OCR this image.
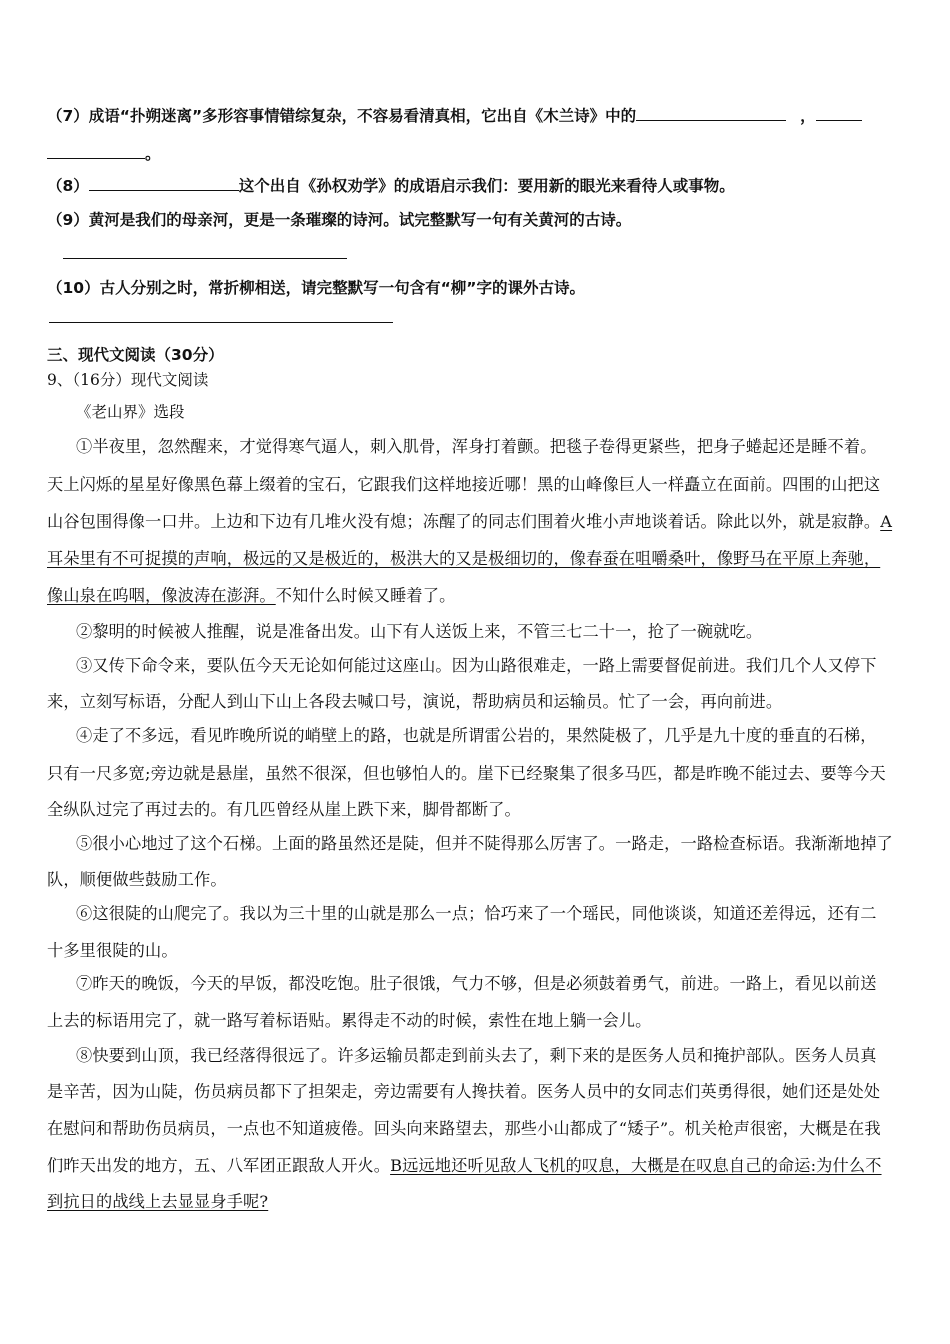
（7）成语“扑朔迷离”多形容事情错综复杂，不容易看清真相，它出自《木兰诗》中的	，
。
（8）	这个出自《孙权劝学》的成语启示我们：要用新的眼光来看待人或事物。
（9）黄河是我们的母亲河，更是一条璀璨的诗河。试完整默写一句有关黄河的古诗。
（10）古人分别之时，常折柳相送，请完整默写一句含有“柳”字的课外古诗。
三、现代文阅读（30分）
9、（16分）现代文阅读
《老山界》选段
①半夜里，忽然醒来，才觉得寒气逼人，刺入肌骨，浑身打着颤。把毯子卷得更紧些，把身子蜷起还是睡不着。
天上闪烁的星星好像黑色幕上缀着的宝石，它跟我们这样地接近哪！黑的山峰像巨人一样矗立在面前。四围的山把这
山谷包围得像一口井。上边和下边有几堆火没有熄；冻醒了的同志们围着火堆小声地谈着话。除此以外，就是寂静。A
耳朵里有不可捉摸的声响，极远的又是极近的，极洪大的又是极细切的，像春蚕在咀嚼桑叶，像野马在平原上奔驰，
像山泉在呜咽，像波涛在澎湃。不知什么时候又睡着了。
②黎明的时候被人推醒，说是准备出发。山下有人送饭上来，不管三七二十一，抢了一碗就吃。
③又传下命令来，要队伍今天无论如何能过这座山。因为山路很难走，一路上需要督促前进。我们几个人又停下
来，立刻写标语，分配人到山下山上各段去喊口号，演说，帮助病员和运输员。忙了一会，再向前进。
④走了不多远，看见昨晚所说的峭壁上的路，也就是所谓雷公岩的，果然陡极了，几乎是九十度的垂直的石梯，
只有一尺多宽;旁边就是悬崖，虽然不很深，但也够怕人的。崖下已经聚集了很多马匹，都是昨晚不能过去、要等今天
全纵队过完了再过去的。有几匹曾经从崖上跌下来，脚骨都断了。
⑤很小心地过了这个石梯。上面的路虽然还是陡，但并不陡得那么厉害了。一路走，一路检查标语。我渐渐地掉了
队，顺便做些鼓励工作。
⑥这很陡的山爬完了。我以为三十里的山就是那么一点；恰巧来了一个瑶民，同他谈谈，知道还差得远，还有二
十多里很陡的山。
⑦昨天的晚饭，今天的早饭，都没吃饱。肚子很饿，气力不够，但是必须鼓着勇气，前进。一路上，看见以前送
上去的标语用完了，就一路写着标语贴。累得走不动的时候，索性在地上躺一会儿。
⑧快要到山顶，我已经落得很远了。许多运输员都走到前头去了，剩下来的是医务人员和掩护部队。医务人员真
是辛苦，因为山陡，伤员病员都下了担架走，旁边需要有人搀扶着。医务人员中的女同志们英勇得很，她们还是处处
在慰问和帮助伤员病员，一点也不知道疲倦。回头向来路望去，那些小山都成了“矮子”。机关枪声很密，大概是在我
们昨天出发的地方，五、八军团正跟敌人开火。B远远地还听见敌人飞机的叹息，大概是在叹息自己的命运:为什么不
到抗日的战线上去显显身手呢?
